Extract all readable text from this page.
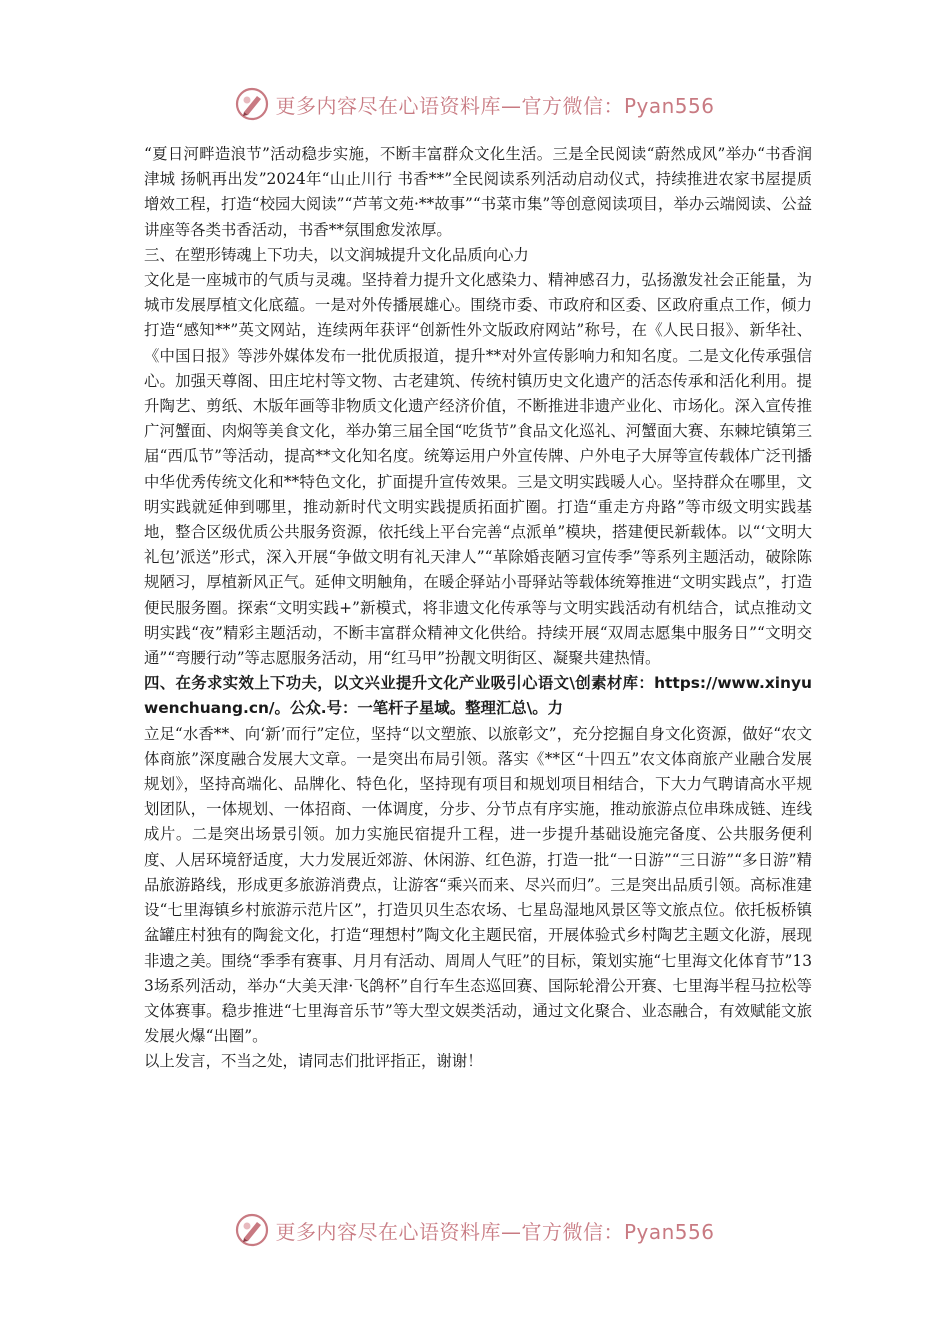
更多内容尽在心语资料库—官方微信：Pyan556

“夏日河畔造浪节”活动稳步实施，不断丰富群众文化生活。三是全民阅读“蔚然成风”举办“书香润津城 扬帆再出发”2024年“山止川行 书香**”全民阅读系列活动启动仪式，持续推进农家书屋提质增效工程，打造“校园大阅读”“芦苇文苑·**故事”“书菜市集”等创意阅读项目，举办云端阅读、公益讲座等各类书香活动，书香**氛围愈发浓厚。

三、在塑形铸魂上下功夫，以文润城提升文化品质向心力

文化是一座城市的气质与灵魂。坚持着力提升文化感染力、精神感召力，弘扬激发社会正能量，为城市发展厚植文化底蕴。一是对外传播展雄心。围绕市委、市政府和区委、区政府重点工作，倾力打造“感知**”英文网站，连续两年获评“创新性外文版政府网站”称号，在《人民日报》、新华社、《中国日报》等涉外媒体发布一批优质报道，提升**对外宣传影响力和知名度。二是文化传承强信心。加强天尊阁、田庄坨村等文物、古老建筑、传统村镇历史文化遗产的活态传承和活化利用。提升陶艺、剪纸、木版年画等非物质文化遗产经济价值，不断推进非遗产业化、市场化。深入宣传推广河蟹面、肉焖等美食文化，举办第三届全国“吃货节”食品文化巡礼、河蟹面大赛、东棘坨镇第三届“西瓜节”等活动，提高**文化知名度。统筹运用户外宣传牌、户外电子大屏等宣传载体广泛刊播中华优秀传统文化和**特色文化，扩面提升宣传效果。三是文明实践暖人心。坚持群众在哪里，文明实践就延伸到哪里，推动新时代文明实践提质拓面扩圈。打造“重走方舟路”等市级文明实践基地，整合区级优质公共服务资源，依托线上平台完善“点派单”模块，搭建便民新载体。以“‘文明大礼包’派送”形式，深入开展“争做文明有礼天津人”“革除婚丧陋习宣传季”等系列主题活动，破除陈规陋习，厚植新风正气。延伸文明触角，在暖企驿站小哥驿站等载体统筹推进“文明实践点”，打造便民服务圈。探索“文明实践+”新模式，将非遗文化传承等与文明实践活动有机结合，试点推动文明实践“夜”精彩主题活动，不断丰富群众精神文化供给。持续开展“双周志愿集中服务日”“文明交通”“弯腰行动”等志愿服务活动，用“红马甲”扮靓文明街区、凝聚共建热情。

四、在务求实效上下功夫，以文兴业提升文化产业吸引心语文\创素材库：https://www.xinyuwenchuang.cn/。公众.号：一笔杆子星域。整理汇总\。力

立足“水香**、向‘新’而行”定位，坚持“以文塑旅、以旅彰文”，充分挖掘自身文化资源，做好“农文体商旅”深度融合发展大文章。一是突出布局引领。落实《**区“十四五”农文体商旅产业融合发展规划》，坚持高端化、品牌化、特色化，坚持现有项目和规划项目相结合，下大力气聘请高水平规划团队，一体规划、一体招商、一体调度，分步、分节点有序实施，推动旅游点位串珠成链、连线成片。二是突出场景引领。加力实施民宿提升工程，进一步提升基础设施完备度、公共服务便利度、人居环境舒适度，大力发展近郊游、休闲游、红色游，打造一批“一日游”“三日游”“多日游”精品旅游路线，形成更多旅游消费点，让游客“乘兴而来、尽兴而归”。三是突出品质引领。高标准建设“七里海镇乡村旅游示范片区”，打造贝贝生态农场、七星岛湿地风景区等文旅点位。依托板桥镇盆罐庄村独有的陶瓮文化，打造“理想村”陶文化主题民宿，开展体验式乡村陶艺主题文化游，展现非遗之美。围绕“季季有赛事、月月有活动、周周人气旺”的目标，策划实施“七里海文化体育节”133场系列活动，举办“大美天津·飞鸽杯”自行车生态巡回赛、国际轮滑公开赛、七里海半程马拉松等文体赛事。稳步推进“七里海音乐节”等大型文娱类活动，通过文化聚合、业态融合，有效赋能文旅发展火爆“出圈”。

以上发言，不当之处，请同志们批评指正，谢谢！

更多内容尽在心语资料库—官方微信：Pyan556
